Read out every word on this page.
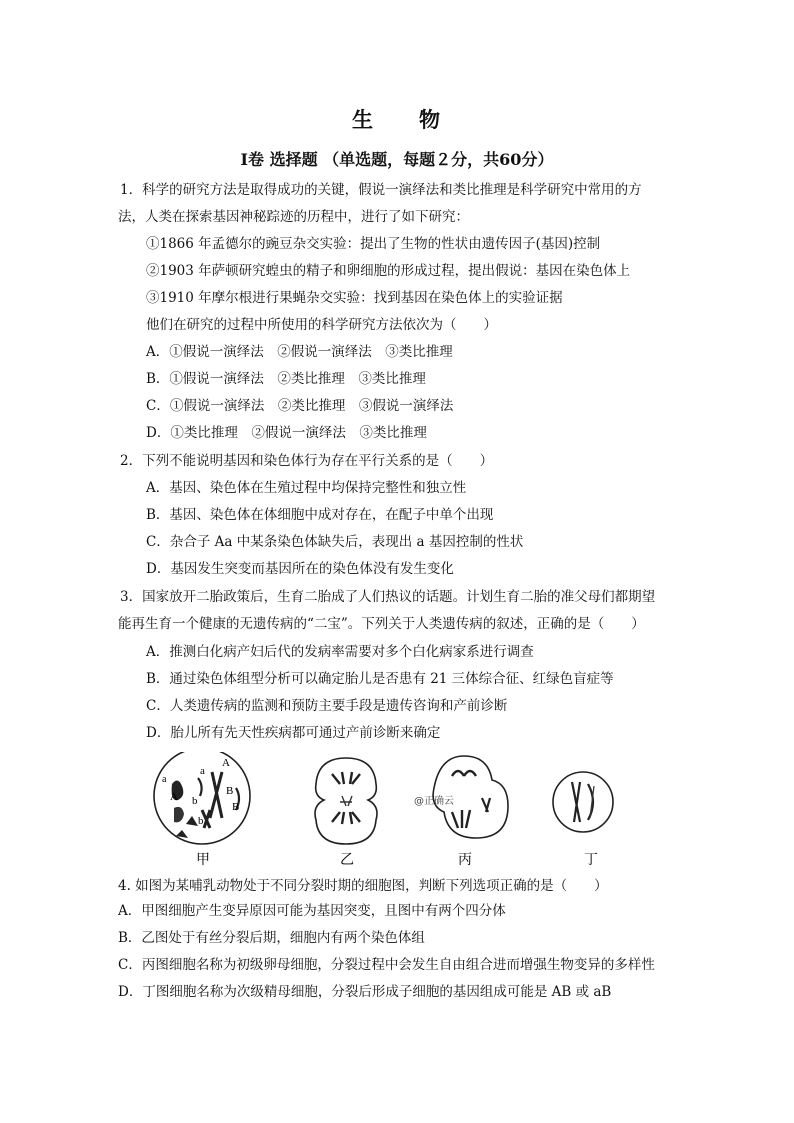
生 物
Ⅰ卷 选择题 （单选题，每题２分，共60分）
1．科学的研究方法是取得成功的关键，假说一演绎法和类比推理是科学研究中常用的方
法，人类在探索基因神秘踪迹的历程中，进行了如下研究：
①1866 年孟德尔的豌豆杂交实验：提出了生物的性状由遗传因子(基因)控制
②1903 年萨顿研究蝗虫的精子和卵细胞的形成过程，提出假说：基因在染色体上
③1910 年摩尔根进行果蝇杂交实验：找到基因在染色体上的实验证据
他们在研究的过程中所使用的科学研究方法依次为（　　）
A．①假说一演绎法　②假说一演绎法　③类比推理
B．①假说一演绎法　②类比推理　③类比推理
C．①假说一演绎法　②类比推理　③假说一演绎法
D．①类比推理　②假说一演绎法　③类比推理
2．下列不能说明基因和染色体行为存在平行关系的是（　　）
A．基因、染色体在生殖过程中均保持完整性和独立性
B．基因、染色体在体细胞中成对存在，在配子中单个出现
C．杂合子 Aa 中某条染色体缺失后，表现出 a 基因控制的性状
D．基因发生突变而基因所在的染色体没有发生变化
3．国家放开二胎政策后，生育二胎成了人们热议的话题。计划生育二胎的准父母们都期望
能再生育一个健康的无遗传病的“二宝”。下列关于人类遗传病的叙述，正确的是（　　）
A．推测白化病产妇后代的发病率需要对多个白化病家系进行调查
B．通过染色体组型分析可以确定胎儿是否患有 21 三体综合征、红绿色盲症等
C．人类遗传病的监测和预防主要手段是遗传咨询和产前诊断
D．胎儿所有先天性疾病都可通过产前诊断来确定
a
A
a
A b
B
b
B	@正确云
甲	乙	丙	丁
4. 如图为某哺乳动物处于不同分裂时期的细胞图，判断下列选项正确的是（　　）
A．甲图细胞产生变异原因可能为基因突变，且图中有两个四分体
B．乙图处于有丝分裂后期，细胞内有两个染色体组
C．丙图细胞名称为初级卵母细胞，分裂过程中会发生自由组合进而增强生物变异的多样性
D．丁图细胞名称为次级精母细胞，分裂后形成子细胞的基因组成可能是 AB 或 aB
